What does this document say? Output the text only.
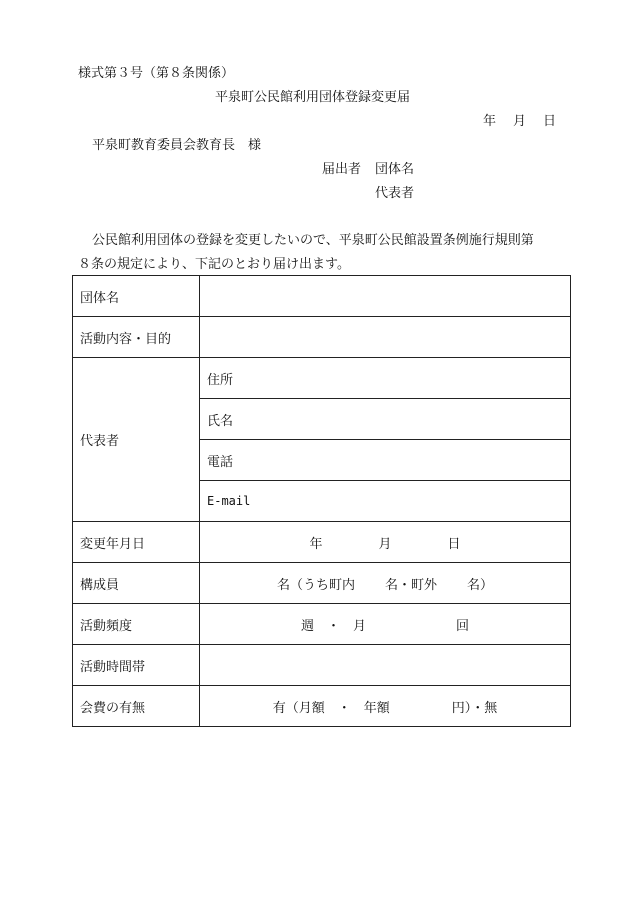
様式第３号（第８条関係）
平泉町公民館利用団体登録変更届
年 月 日
平泉町教育委員会教育長　様
届出者 団体名
代表者
公民館利用団体の登録を変更したいので、平泉町公民館設置条例施行規則第
８条の規定により、下記のとおり届け出ます。
団体名	
活動内容・目的	
代表者	住所
	氏名
	電話
	E-mail
変更年月日	年 月 日
構成員	名（うち町内 名・町外 名）
活動頻度	週　・　月 回
活動時間帯	
会費の有無	有（月額　・　年額 円）・無
